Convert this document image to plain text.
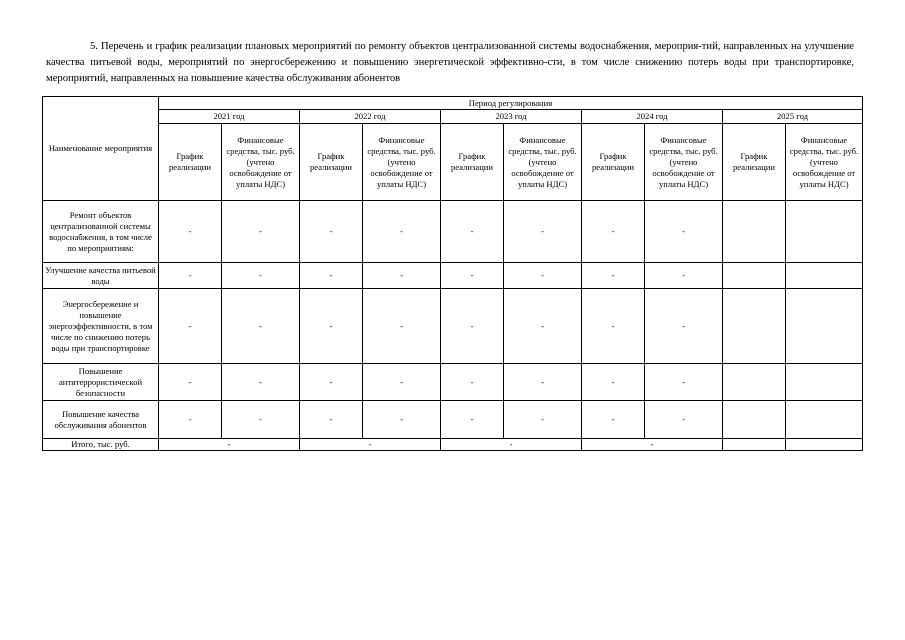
5. Перечень и график реализации плановых мероприятий по ремонту объектов централизованной системы водоснабжения, мероприя-тий, направленных на улучшение качества питьевой воды, мероприятий по энергосбережению и повышению энергетической эффективно-сти, в том числе снижению потерь воды при транспортировке, мероприятий, направленных на повышение качества обслуживания абонентов
Наименование мероприятия	Период регулирования									
	2021 год		2022 год		2023 год		2024 год		2025 год	
	График реализации	Финансовые средства, тыс. руб. (учтено освобождение от уплаты НДС)	График реализации	Финансовые средства, тыс. руб. (учтено освобождение от уплаты НДС)	График реализации	Финансовые средства, тыс. руб. (учтено освобождение от уплаты НДС)	График реализации	Финансовые средства, тыс. руб. (учтено освобождение от уплаты НДС)	График реализации	Финансовые средства, тыс. руб. (учтено освобождение от уплаты НДС)
Ремонт объектов централизованной системы водоснабжения, в том числе по мероприятиям:	-	-	-	-	-	-	-	-		
Улучшение качества питьевой воды	-	-	-	-	-	-	-	-		
Энергосбережение и повышение энергоэффективности, в том числе по снижению потерь воды при транспортировке	-	-	-	-	-	-	-	-		
Повышение антитеррористической безопасности	-	-	-	-	-	-	-	-		
Повышение качества обслуживания абонентов	-	-	-	-	-	-	-	-		
Итого, тыс. руб.	-		-		-		-			
